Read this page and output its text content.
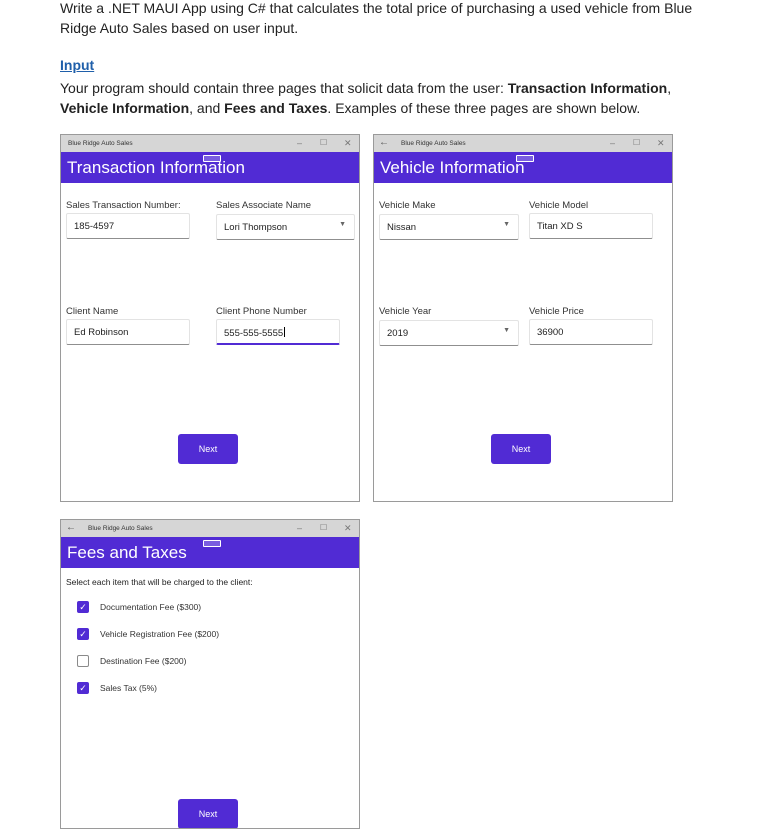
Write a .NET MAUI App using C# that calculates the total price of purchasing a used vehicle from Blue Ridge Auto Sales based on user input.
Input
Your program should contain three pages that solicit data from the user: Transaction Information, Vehicle Information, and Fees and Taxes. Examples of these three pages are shown below.
Blue Ridge Auto Sales	– ☐ ✕
Transaction Information
Sales Transaction Number:
185-4597
Sales Associate Name
Lori Thompson	▼
Client Name
Ed Robinson
Client Phone Number
555-555-5555
Next
← Blue Ridge Auto Sales	– ☐ ✕
Vehicle Information
Vehicle Make
Nissan	▼
Vehicle Model
Titan XD S
Vehicle Year
2019	▼
Vehicle Price
36900
Next
← Blue Ridge Auto Sales	– ☐ ✕
Fees and Taxes
Select each item that will be charged to the client:
✓ Documentation Fee ($300)
✓ Vehicle Registration Fee ($200)
Destination Fee ($200)
✓ Sales Tax (5%)
Next
